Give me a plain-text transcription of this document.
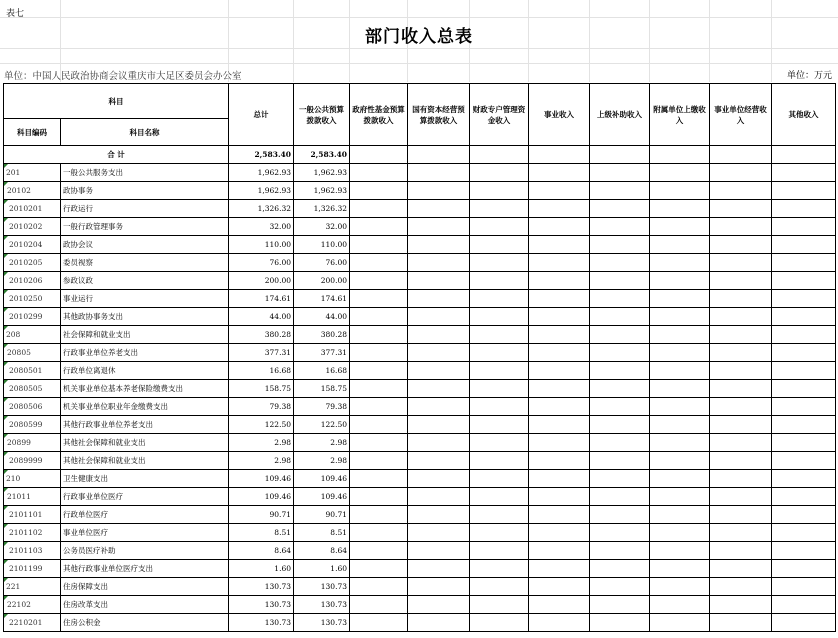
表七
部门收入总表
单位：中国人民政治协商会议重庆市大足区委员会办公室	单位：万元
科目		总计	一般公共预算拨款收入	政府性基金预算拨款收入	国有资本经营预算拨款收入	财政专户管理资金收入	事业收入	上级补助收入	附属单位上缴收入	事业单位经营收入	其他收入
科目编码	科目名称										
合 计		2,583.40	2,583.40								
201	一般公共服务支出	1,962.93	1,962.93								
20102	政协事务	1,962.93	1,962.93								
2010201	行政运行	1,326.32	1,326.32								
2010202	一般行政管理事务	32.00	32.00								
2010204	政协会议	110.00	110.00								
2010205	委员视察	76.00	76.00								
2010206	参政议政	200.00	200.00								
2010250	事业运行	174.61	174.61								
2010299	其他政协事务支出	44.00	44.00								
208	社会保障和就业支出	380.28	380.28								
20805	行政事业单位养老支出	377.31	377.31								
2080501	行政单位离退休	16.68	16.68								
2080505	机关事业单位基本养老保险缴费支出	158.75	158.75								
2080506	机关事业单位职业年金缴费支出	79.38	79.38								
2080599	其他行政事业单位养老支出	122.50	122.50								
20899	其他社会保障和就业支出	2.98	2.98								
2089999	其他社会保障和就业支出	2.98	2.98								
210	卫生健康支出	109.46	109.46								
21011	行政事业单位医疗	109.46	109.46								
2101101	行政单位医疗	90.71	90.71								
2101102	事业单位医疗	8.51	8.51								
2101103	公务员医疗补助	8.64	8.64								
2101199	其他行政事业单位医疗支出	1.60	1.60								
221	住房保障支出	130.73	130.73								
22102	住房改革支出	130.73	130.73								
2210201	住房公积金	130.73	130.73								
